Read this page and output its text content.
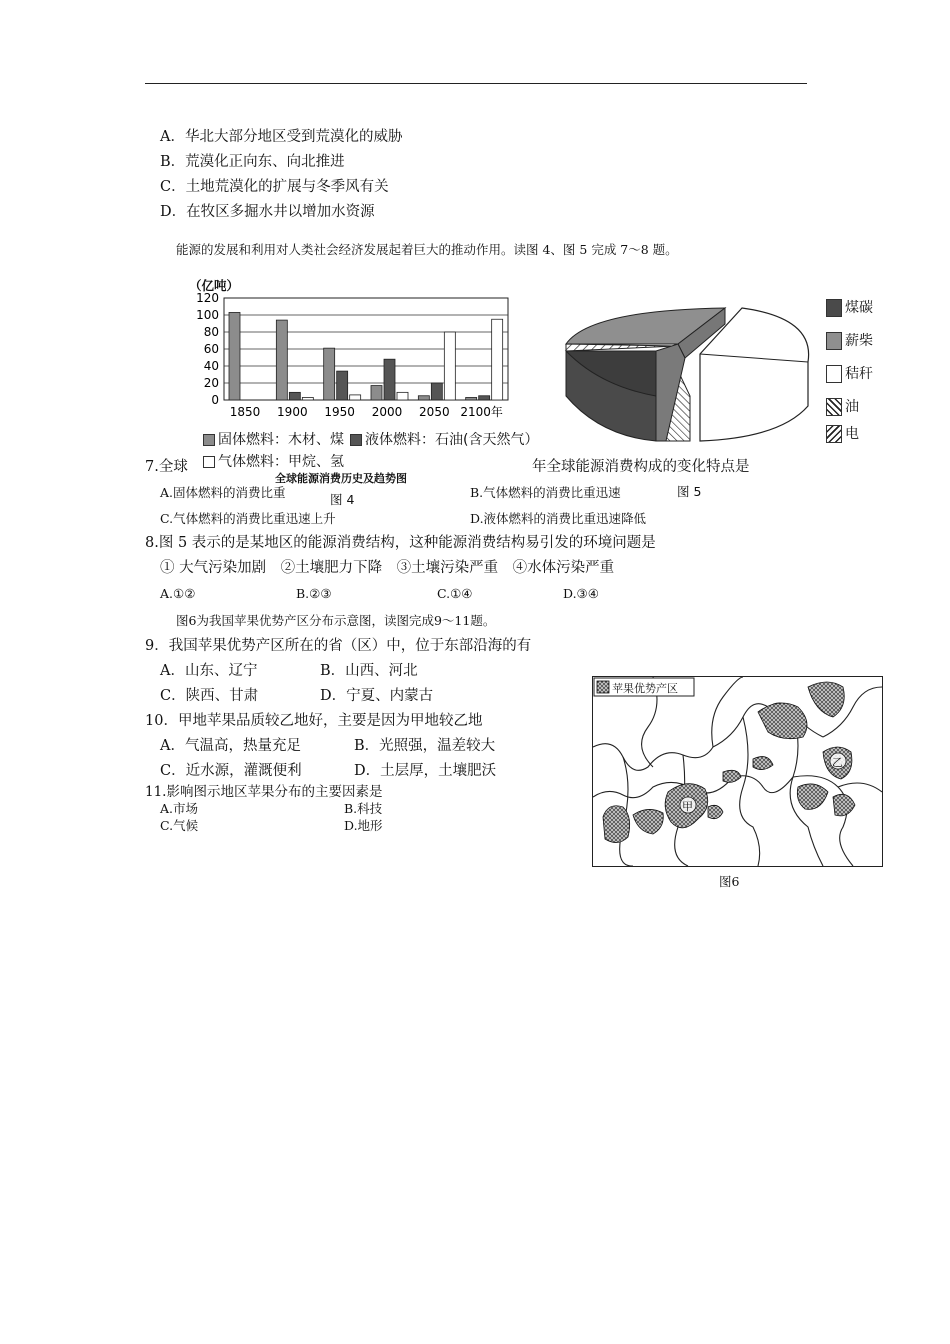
A．华北大部分地区受到荒漠化的威胁
B．荒漠化正向东、向北推进
C．土地荒漠化的扩展与冬季风有关
D．在牧区多掘水井以增加水资源
能源的发展和利用对人类社会经济发展起着巨大的推动作用。读图 4、图 5 完成 7～8 题。
（亿吨）
120
100
80
60
40
20
0
1850 1900 1950 2000 2050 2100年
固体燃料：木材、煤	液体燃料：石油(含天然气）
气体燃料：甲烷、氢
全球能源消费历史及趋势图
图 4
煤碳
薪柴
秸秆
油
电
7.全球	年全球能源消费构成的变化特点是
A.固体燃料的消费比重	B.气体燃料的消费比重迅速	图 5
C.气体燃料的消费比重迅速上升	D.液体燃料的消费比重迅速降低
8.图 5 表示的是某地区的能源消费结构，这种能源消费结构易引发的环境问题是
① 大气污染加剧　②土壤肥力下降　③土壤污染严重　④水体污染严重
A.①②	B.②③	C.①④	D.③④
图6为我国苹果优势产区分布示意图，读图完成9～11题。
9．我国苹果优势产区所在的省（区）中，位于东部沿海的有
A．山东、辽宁	B．山西、河北
C．陕西、甘肃	D．宁夏、内蒙古
10．甲地苹果品质较乙地好，主要是因为甲地较乙地
A．气温高，热量充足	B．光照强，温差较大
C．近水源，灌溉便利	D．土层厚，土壤肥沃
11.影响图示地区苹果分布的主要因素是
A.市场	B.科技
C.气候	D.地形
苹果优势产区
甲
乙
图6
